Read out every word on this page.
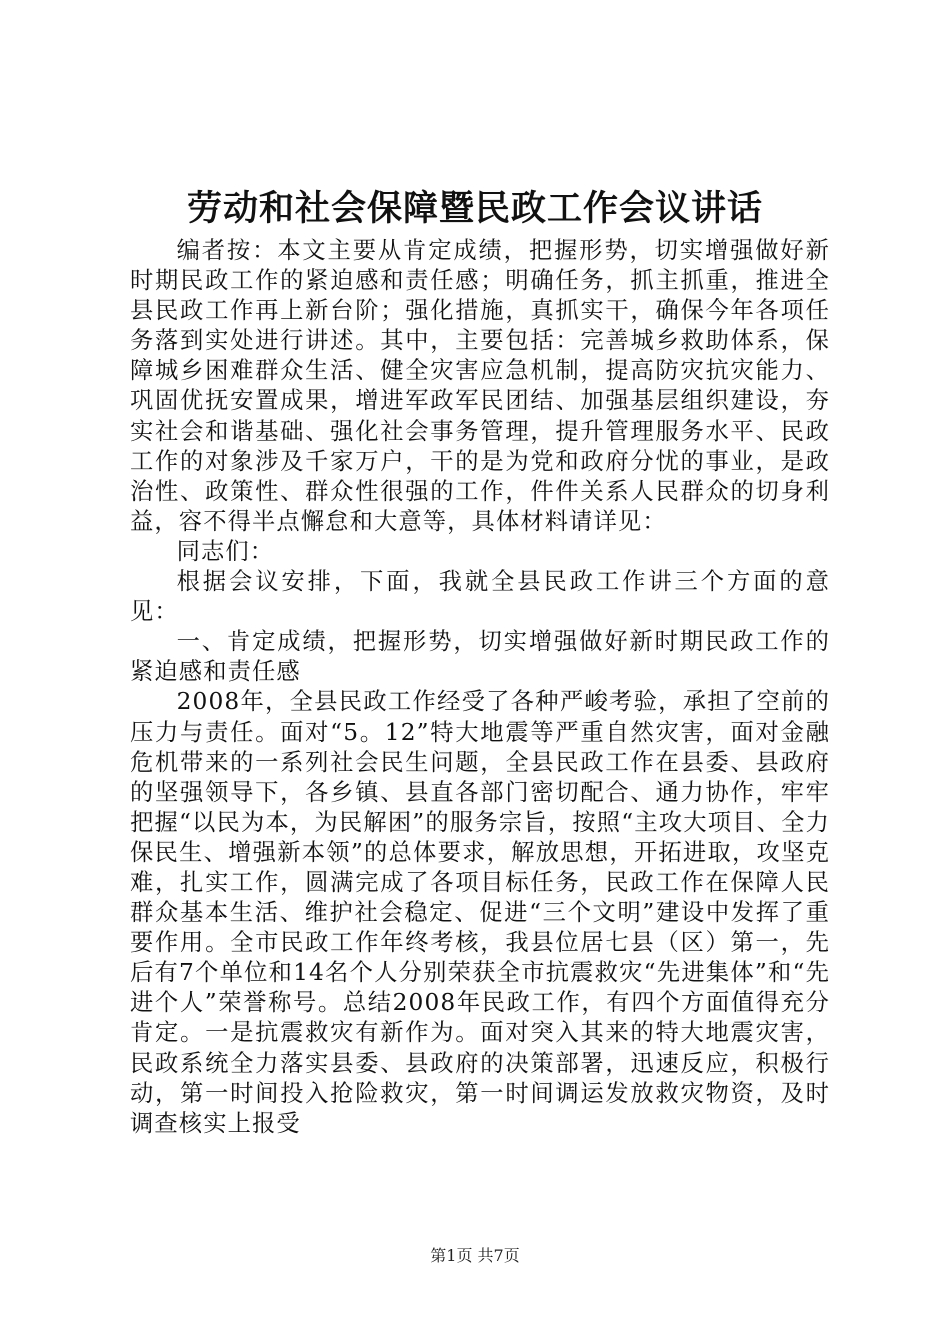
劳动和社会保障暨民政工作会议讲话

编者按：本文主要从肯定成绩，把握形势，切实增强做好新时期民政工作的紧迫感和责任感；明确任务，抓主抓重，推进全县民政工作再上新台阶；强化措施，真抓实干，确保今年各项任务落到实处进行讲述。其中，主要包括：完善城乡救助体系，保障城乡困难群众生活、健全灾害应急机制，提高防灾抗灾能力、巩固优抚安置成果，增进军政军民团结、加强基层组织建设，夯实社会和谐基础、强化社会事务管理，提升管理服务水平、民政工作的对象涉及千家万户，干的是为党和政府分忧的事业，是政治性、政策性、群众性很强的工作，件件关系人民群众的切身利益，容不得半点懈怠和大意等，具体材料请详见：

同志们：

根据会议安排，下面，我就全县民政工作讲三个方面的意见：

一、肯定成绩，把握形势，切实增强做好新时期民政工作的紧迫感和责任感

2008年，全县民政工作经受了各种严峻考验，承担了空前的压力与责任。面对“5。12”特大地震等严重自然灾害，面对金融危机带来的一系列社会民生问题，全县民政工作在县委、县政府的坚强领导下，各乡镇、县直各部门密切配合、通力协作，牢牢把握“以民为本，为民解困”的服务宗旨，按照“主攻大项目、全力保民生、增强新本领”的总体要求，解放思想，开拓进取，攻坚克难，扎实工作，圆满完成了各项目标任务，民政工作在保障人民群众基本生活、维护社会稳定、促进“三个文明”建设中发挥了重要作用。全市民政工作年终考核，我县位居七县（区）第一，先后有7个单位和14名个人分别荣获全市抗震救灾“先进集体”和“先进个人”荣誉称号。总结2008年民政工作，有四个方面值得充分肯定。一是抗震救灾有新作为。面对突入其来的特大地震灾害，民政系统全力落实县委、县政府的决策部署，迅速反应，积极行动，第一时间投入抢险救灾，第一时间调运发放救灾物资，及时调查核实上报受

第1页 共7页
